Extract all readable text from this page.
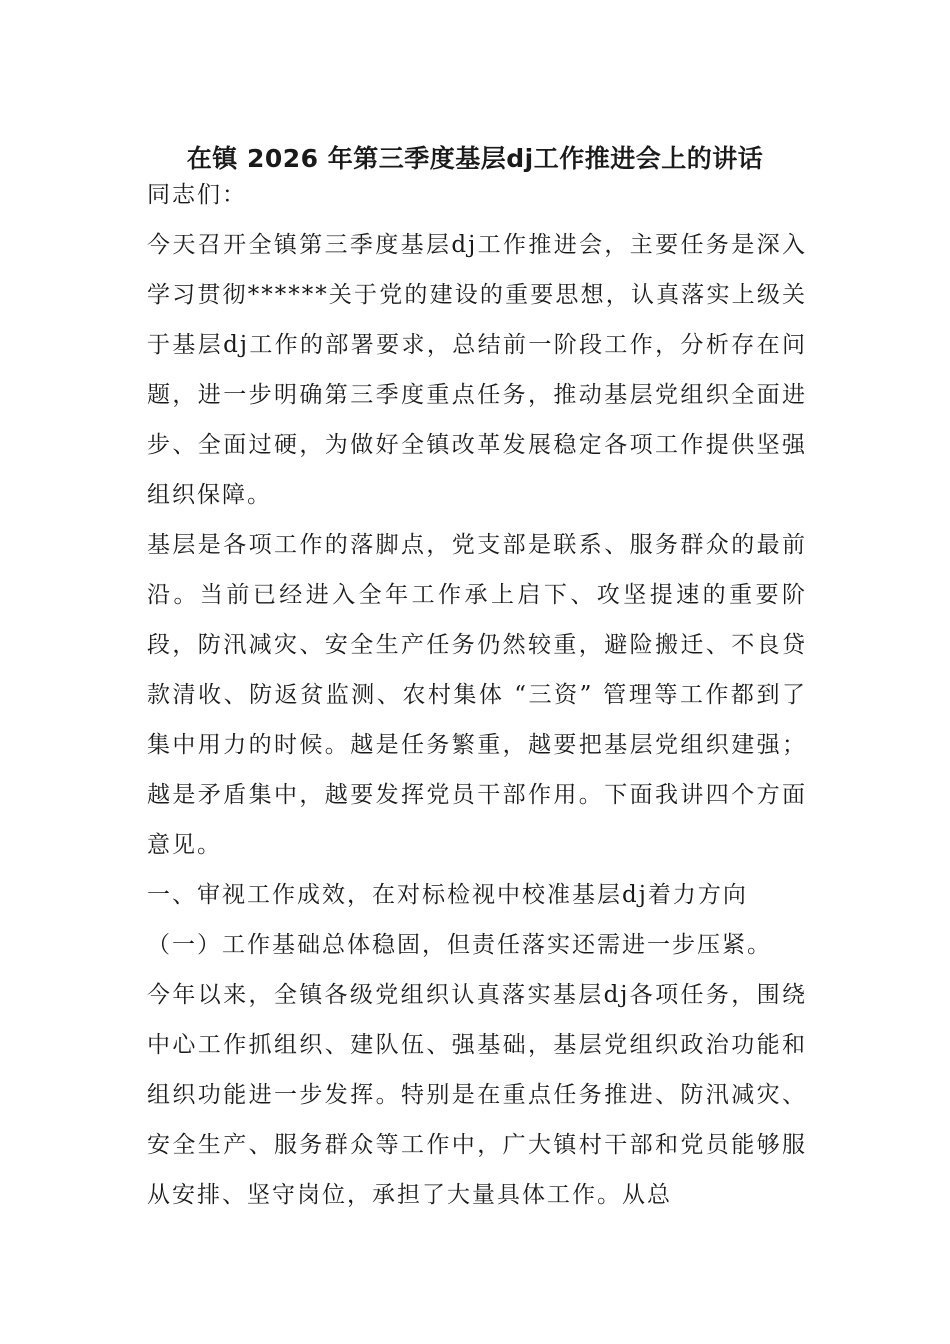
在镇 2026 年第三季度基层dj工作推进会上的讲话

同志们：

今天召开全镇第三季度基层dj工作推进会，主要任务是深入学习贯彻******关于党的建设的重要思想，认真落实上级关于基层dj工作的部署要求，总结前一阶段工作，分析存在问题，进一步明确第三季度重点任务，推动基层党组织全面进步、全面过硬，为做好全镇改革发展稳定各项工作提供坚强组织保障。

基层是各项工作的落脚点，党支部是联系、服务群众的最前沿。当前已经进入全年工作承上启下、攻坚提速的重要阶段，防汛减灾、安全生产任务仍然较重，避险搬迁、不良贷款清收、防返贫监测、农村集体 “三资” 管理等工作都到了集中用力的时候。越是任务繁重，越要把基层党组织建强；越是矛盾集中，越要发挥党员干部作用。下面我讲四个方面意见。

一、审视工作成效，在对标检视中校准基层dj着力方向

（一）工作基础总体稳固，但责任落实还需进一步压紧。

今年以来，全镇各级党组织认真落实基层dj各项任务，围绕中心工作抓组织、建队伍、强基础，基层党组织政治功能和组织功能进一步发挥。特别是在重点任务推进、防汛减灾、安全生产、服务群众等工作中，广大镇村干部和党员能够服从安排、坚守岗位，承担了大量具体工作。从总
